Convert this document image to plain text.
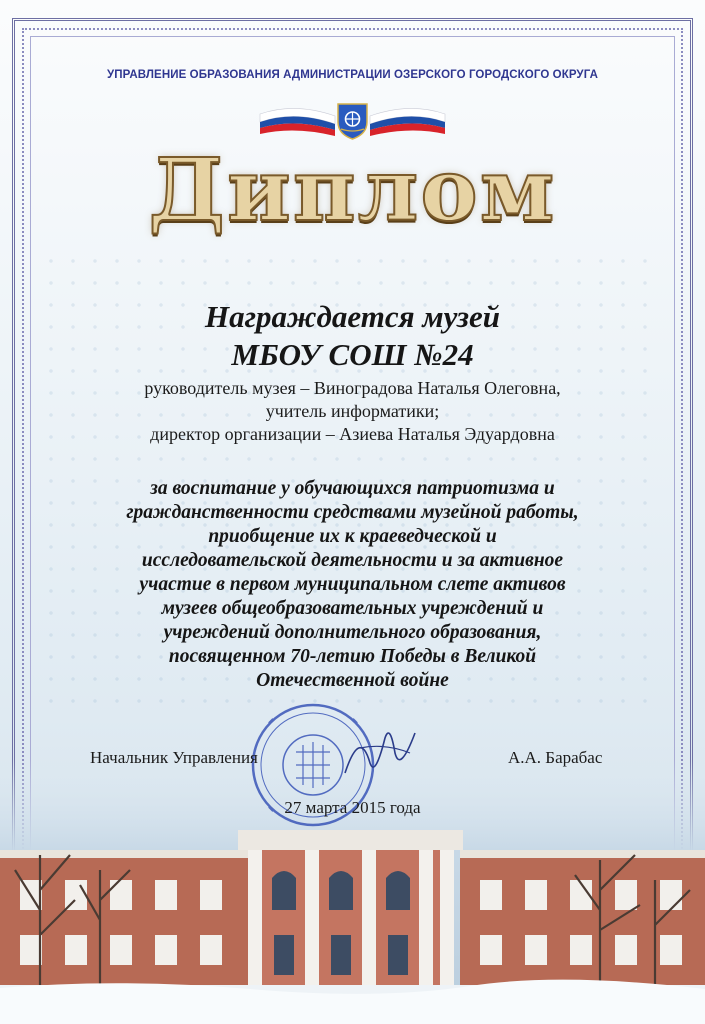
УПРАВЛЕНИЕ ОБРАЗОВАНИЯ АДМИНИСТРАЦИИ ОЗЕРСКОГО ГОРОДСКОГО ОКРУГА
Диплом
Награждается музей
МБОУ СОШ №24
руководитель музея – Виноградова Наталья Олеговна,
учитель информатики;
директор организации – Азиева Наталья Эдуардовна
за воспитание у обучающихся патриотизма и
гражданственности средствами музейной работы,
приобщение их к краеведческой и
исследовательской деятельности и за активное
участие в первом муниципальном слете активов
музеев общеобразовательных учреждений и
учреждений дополнительного образования,
посвященном 70-летию Победы в Великой
Отечественной войне
Начальник Управления	А.А. Барабас
27 марта 2015 года
